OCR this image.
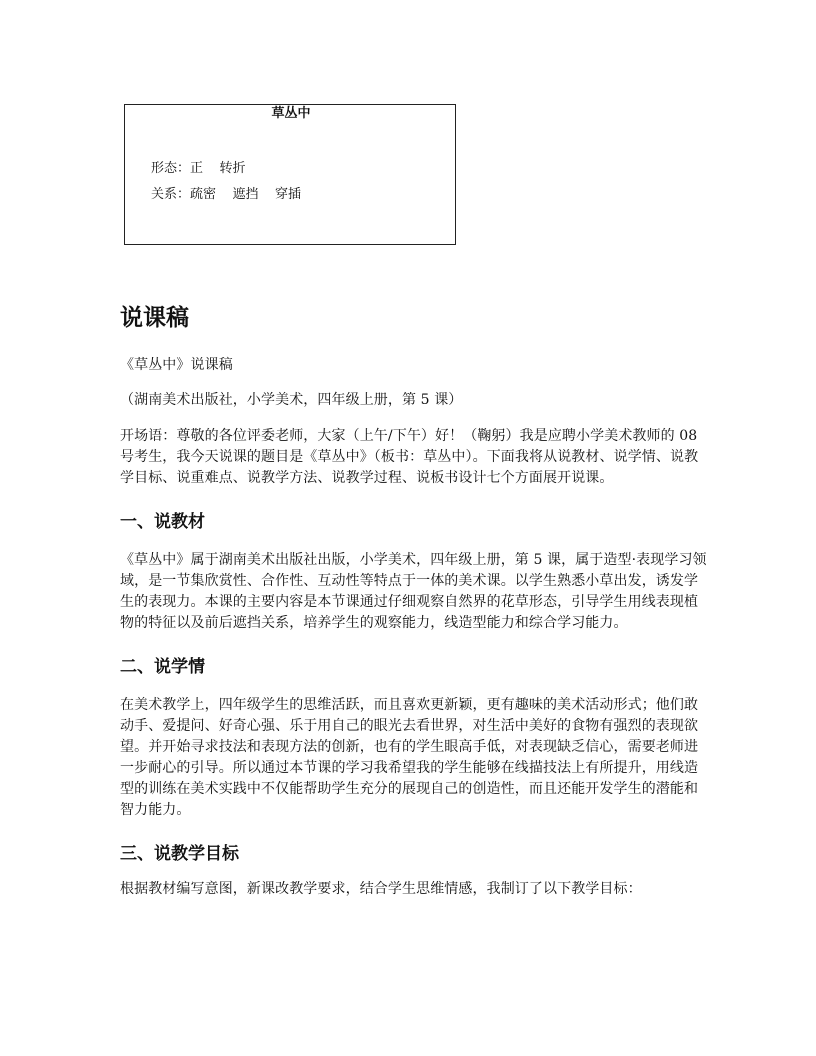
草丛中
形态：正    转折
关系：疏密    遮挡    穿插
说课稿

《草丛中》说课稿

（湖南美术出版社，小学美术，四年级上册，第 5 课）

开场语：尊敬的各位评委老师，大家（上午/下午）好！（鞠躬）我是应聘小学美术教师的 08 号考生，我今天说课的题目是《草丛中》（板书：草丛中）。下面我将从说教材、说学情、说教学目标、说重难点、说教学方法、说教学过程、说板书设计七个方面展开说课。

一、说教材

《草丛中》属于湖南美术出版社出版，小学美术，四年级上册，第 5 课，属于造型·表现学习领域，是一节集欣赏性、合作性、互动性等特点于一体的美术课。以学生熟悉小草出发，诱发学生的表现力。本课的主要内容是本节课通过仔细观察自然界的花草形态，引导学生用线表现植物的特征以及前后遮挡关系，培养学生的观察能力，线造型能力和综合学习能力。

二、说学情

在美术教学上，四年级学生的思维活跃，而且喜欢更新颖，更有趣味的美术活动形式；他们敢动手、爱提问、好奇心强、乐于用自己的眼光去看世界，对生活中美好的食物有强烈的表现欲望。并开始寻求技法和表现方法的创新，也有的学生眼高手低，对表现缺乏信心，需要老师进一步耐心的引导。所以通过本节课的学习我希望我的学生能够在线描技法上有所提升，用线造型的训练在美术实践中不仅能帮助学生充分的展现自己的创造性，而且还能开发学生的潜能和智力能力。

三、说教学目标

根据教材编写意图，新课改教学要求，结合学生思维情感，我制订了以下教学目标：
